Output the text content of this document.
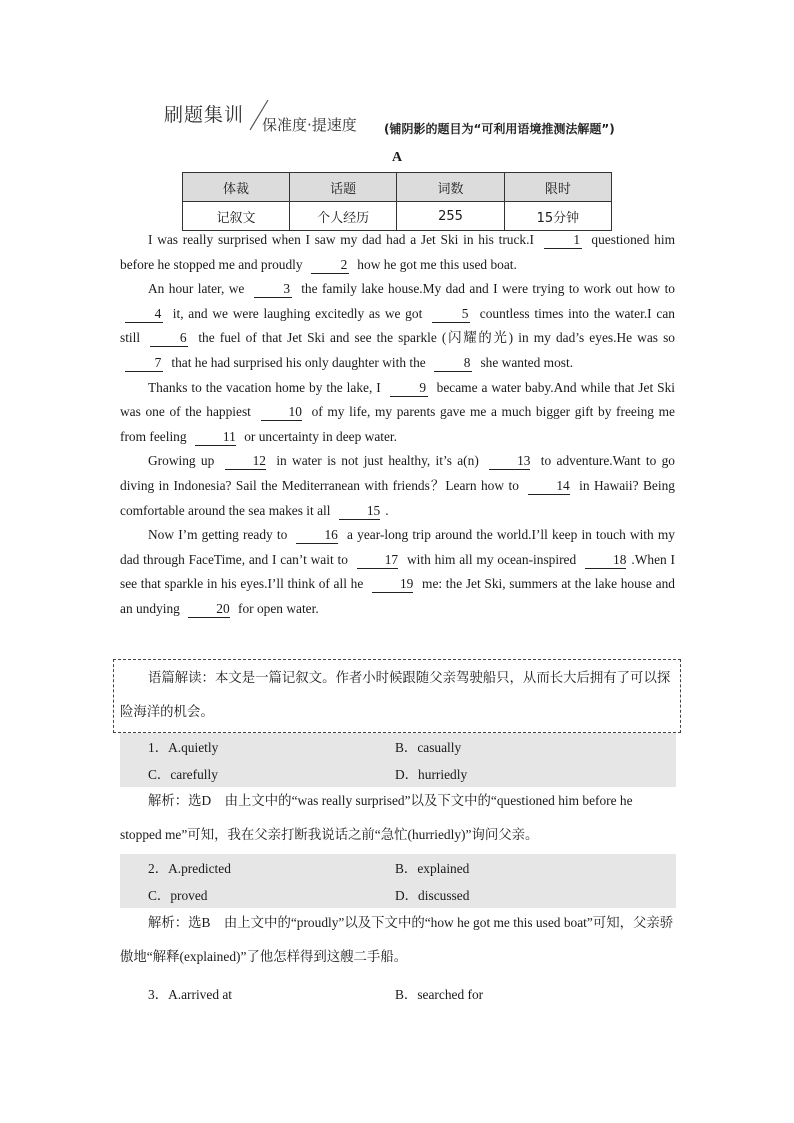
刷题集训 保准度·提速度 (铺阴影的题目为“可利用语境推测法解题”)
A
体裁	话题	词数	限时
记叙文	个人经历	255	15分钟

I was really surprised when I saw my dad had a Jet Ski in his truck.I	1 questioned him before he stopped me and proudly	2 how he got me this used boat.

An hour later, we	3 the family lake house.My dad and I were trying to work out how to 4 it, and we were laughing excitedly as we got	5 countless times into the water.I can still	6 the fuel of that Jet Ski and see the sparkle (闪耀的光) in my dad’s eyes.He was so 7 that he had surprised his only daughter with the	8 she wanted most.

Thanks to the vacation home by the lake, I	9 became a water baby.And while that Jet Ski was one of the happiest	10 of my life, my parents gave me a much bigger gift by freeing me from feeling	11 or uncertainty in deep water.

Growing up	12 in water is not just healthy, it’s a(n)	13 to adventure.Want to go diving in Indonesia? Sail the Mediterranean with friends？Learn how to	14 in Hawaii? Being comfortable around the sea makes it all	15 .

Now I’m getting ready to	16 a year-long trip around the world.I’ll keep in touch with my dad through FaceTime, and I can’t wait to	17 with him all my ocean-inspired	18 .When I see that sparkle in his eyes.I’ll think of all he	19 me: the Jet Ski, summers at the lake house and an undying	20 for open water.

语篇解读：本文是一篇记叙文。作者小时候跟随父亲驾驶船只，从而长大后拥有了可以探险海洋的机会。
1．A.quietly	B．casually
C．carefully	D．hurriedly
解析：选D　由上文中的“was really surprised”以及下文中的“questioned him before he stopped me”可知，我在父亲打断我说话之前“急忙(hurriedly)”询问父亲。
2．A.predicted	B．explained
C．proved	D．discussed
解析：选B　由上文中的“proudly”以及下文中的“how he got me this used boat”可知，父亲骄傲地“解释(explained)”了他怎样得到这艘二手船。
3．A.arrived at	B．searched for
